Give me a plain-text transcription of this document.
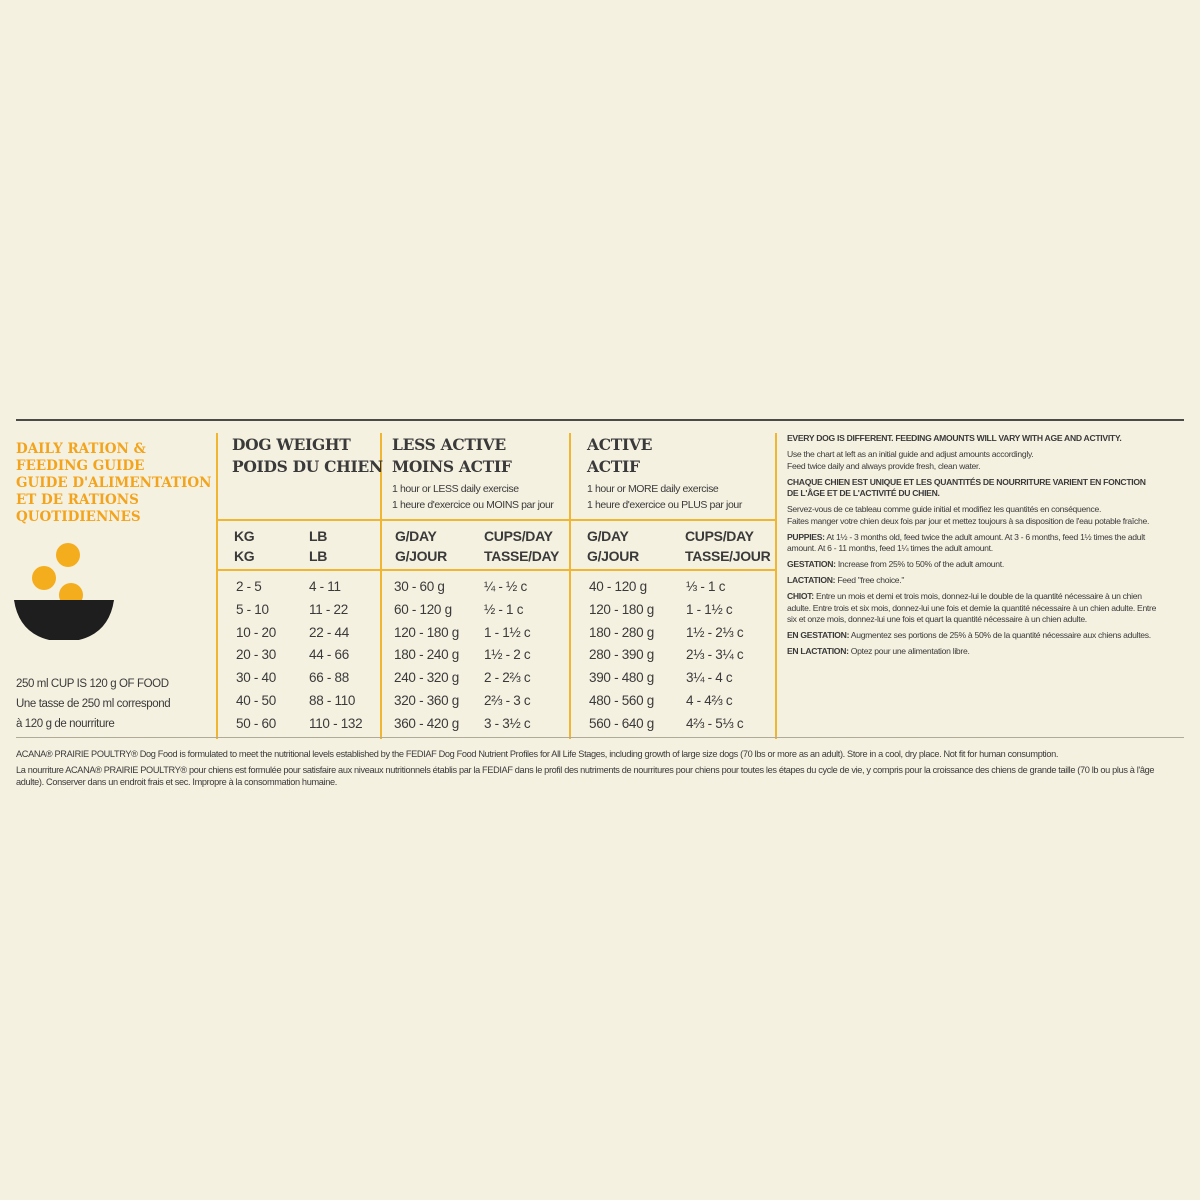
DAILY RATION &
FEEDING GUIDE
GUIDE D'ALIMENTATION
ET DE RATIONS
QUOTIDIENNES
250 ml CUP IS 120 g OF FOOD
Une tasse de 250 ml correspond
à 120 g de nourriture
DOG WEIGHT
POIDS DU CHIEN
LESS ACTIVE
MOINS ACTIF
1 hour or LESS daily exercise
1 heure d'exercice ou MOINS par jour
ACTIVE
ACTIF
1 hour or MORE daily exercise
1 heure d'exercice ou PLUS par jour
KG
KG
LB
LB
G/DAY
G/JOUR
CUPS/DAY
TASSE/DAY
G/DAY
G/JOUR
CUPS/DAY
TASSE/JOUR
2 - 5
5 - 10
10 - 20
20 - 30
30 - 40
40 - 50
50 - 60
4 - 11
11 - 22
22 - 44
44 - 66
66 - 88
88 - 110
110 - 132
30 - 60 g
60 - 120 g
120 - 180 g
180 - 240 g
240 - 320 g
320 - 360 g
360 - 420 g
¼ - ½ c
½ - 1 c
1 - 1½ c
1½ - 2 c
2 - 2⅔ c
2⅔ - 3 c
3 - 3½ c
40 - 120 g
120 - 180 g
180 - 280 g
280 - 390 g
390 - 480 g
480 - 560 g
560 - 640 g
⅓ - 1 c
1 - 1½ c
1½ - 2⅓ c
2⅓ - 3¼ c
3¼ - 4 c
4 - 4⅔ c
4⅔ - 5⅓ c
EVERY DOG IS DIFFERENT. FEEDING AMOUNTS WILL VARY WITH AGE AND ACTIVITY.
Use the chart at left as an initial guide and adjust amounts accordingly.
Feed twice daily and always provide fresh, clean water.
CHAQUE CHIEN EST UNIQUE ET LES QUANTITÉS DE NOURRITURE VARIENT EN FONCTION
DE L'ÂGE ET DE L'ACTIVITÉ DU CHIEN.
Servez-vous de ce tableau comme guide initial et modifiez les quantités en conséquence.
Faites manger votre chien deux fois par jour et mettez toujours à sa disposition de l'eau potable fraîche.
PUPPIES: At 1½ - 3 months old, feed twice the adult amount. At 3 - 6 months, feed 1½ times the adult
amount. At 6 - 11 months, feed 1¼ times the adult amount.
GESTATION: Increase from 25% to 50% of the adult amount.
LACTATION: Feed "free choice."
CHIOT: Entre un mois et demi et trois mois, donnez-lui le double de la quantité nécessaire à un chien
adulte. Entre trois et six mois, donnez-lui une fois et demie la quantité nécessaire à un chien adulte. Entre
six et onze mois, donnez-lui une fois et quart la quantité nécessaire à un chien adulte.
EN GESTATION: Augmentez ses portions de 25% à 50% de la quantité nécessaire aux chiens adultes.
EN LACTATION: Optez pour une alimentation libre.
ACANA® PRAIRIE POULTRY® Dog Food is formulated to meet the nutritional levels established by the FEDIAF Dog Food Nutrient Profiles for All Life Stages, including growth of large size dogs (70 lbs or more as an adult). Store in a cool, dry place. Not fit for human consumption.
La nourriture ACANA® PRAIRIE POULTRY® pour chiens est formulée pour satisfaire aux niveaux nutritionnels établis par la FEDIAF dans le profil des nutriments de nourritures pour chiens pour toutes les étapes du cycle de vie, y compris pour la croissance des chiens de grande taille (70 lb ou plus à l'âge adulte). Conserver dans un endroit frais et sec. Impropre à la consommation humaine.
